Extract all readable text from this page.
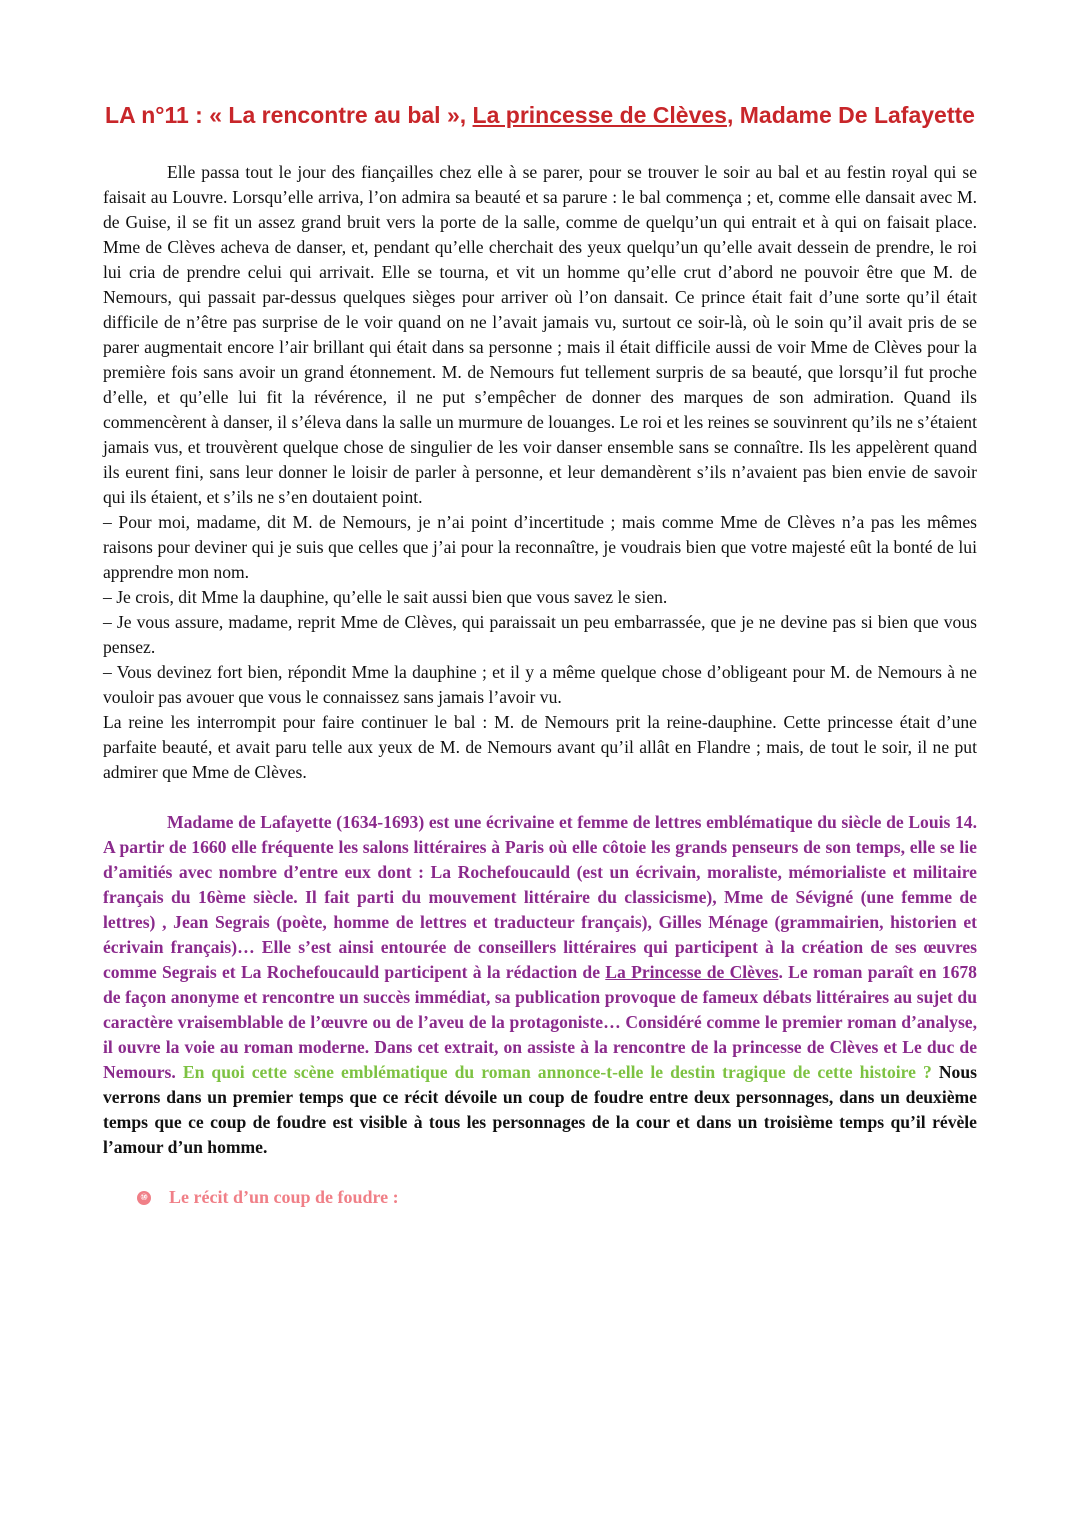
LA n°11 : « La rencontre au bal », La princesse de Clèves, Madame De Lafayette

Elle passa tout le jour des fiançailles chez elle à se parer, pour se trouver le soir au bal et au festin royal qui se faisait au Louvre. Lorsqu’elle arriva, l’on admira sa beauté et sa parure : le bal commença ; et, comme elle dansait avec M. de Guise, il se fit un assez grand bruit vers la porte de la salle, comme de quelqu’un qui entrait et à qui on faisait place. Mme de Clèves acheva de danser, et, pendant qu’elle cherchait des yeux quelqu’un qu’elle avait dessein de prendre, le roi lui cria de prendre celui qui arrivait. Elle se tourna, et vit un homme qu’elle crut d’abord ne pouvoir être que M. de Nemours, qui passait par-dessus quelques sièges pour arriver où l’on dansait. Ce prince était fait d’une sorte qu’il était difficile de n’être pas surprise de le voir quand on ne l’avait jamais vu, surtout ce soir-là, où le soin qu’il avait pris de se parer augmentait encore l’air brillant qui était dans sa personne ; mais il était difficile aussi de voir Mme de Clèves pour la première fois sans avoir un grand étonnement. M. de Nemours fut tellement surpris de sa beauté, que lorsqu’il fut proche d’elle, et qu’elle lui fit la révérence, il ne put s’empêcher de donner des marques de son admiration. Quand ils commencèrent à danser, il s’éleva dans la salle un murmure de louanges. Le roi et les reines se souvinrent qu’ils ne s’étaient jamais vus, et trouvèrent quelque chose de singulier de les voir danser ensemble sans se connaître. Ils les appelèrent quand ils eurent fini, sans leur donner le loisir de parler à personne, et leur demandèrent s’ils n’avaient pas bien envie de savoir qui ils étaient, et s’ils ne s’en doutaient point.

– Pour moi, madame, dit M. de Nemours, je n’ai point d’incertitude ; mais comme Mme de Clèves n’a pas les mêmes raisons pour deviner qui je suis que celles que j’ai pour la reconnaître, je voudrais bien que votre majesté eût la bonté de lui apprendre mon nom.

– Je crois, dit Mme la dauphine, qu’elle le sait aussi bien que vous savez le sien.

– Je vous assure, madame, reprit Mme de Clèves, qui paraissait un peu embarrassée, que je ne devine pas si bien que vous pensez.

– Vous devinez fort bien, répondit Mme la dauphine ; et il y a même quelque chose d’obligeant pour M. de Nemours à ne vouloir pas avouer que vous le connaissez sans jamais l’avoir vu.

La reine les interrompit pour faire continuer le bal : M. de Nemours prit la reine-dauphine. Cette princesse était d’une parfaite beauté, et avait paru telle aux yeux de M. de Nemours avant qu’il allât en Flandre ; mais, de tout le soir, il ne put admirer que Mme de Clèves.

Madame de Lafayette (1634-1693) est une écrivaine et femme de lettres emblématique du siècle de Louis 14. A partir de 1660 elle fréquente les salons littéraires à Paris où elle côtoie les grands penseurs de son temps, elle se lie d’amitiés avec nombre d’entre eux dont : La Rochefoucauld (est un écrivain, moraliste, mémorialiste et militaire français du 16ème siècle. Il fait parti du mouvement littéraire du classicisme), Mme de Sévigné (une femme de lettres) , Jean Segrais (poète, homme de lettres et traducteur français), Gilles Ménage (grammairien, historien et écrivain français)… Elle s’est ainsi entourée de conseillers littéraires qui participent à la création de ses œuvres comme Segrais et La Rochefoucauld participent à la rédaction de La Princesse de Clèves. Le roman paraît en 1678 de façon anonyme et rencontre un succès immédiat, sa publication provoque de fameux débats littéraires au sujet du caractère vraisemblable de l’œuvre ou de l’aveu de la protagoniste… Considéré comme le premier roman d’analyse, il ouvre la voie au roman moderne. Dans cet extrait, on assiste à la rencontre de la princesse de Clèves et Le duc de Nemours. En quoi cette scène emblématique du roman annonce-t-elle le destin tragique de cette histoire ? Nous verrons dans un premier temps que ce récit dévoile un coup de foudre entre deux personnages, dans un deuxième temps que ce coup de foudre est visible à tous les personnages de la cour et dans un troisième temps qu’il révèle l’amour d’un homme.

⑩ Le récit d’un coup de foudre :
